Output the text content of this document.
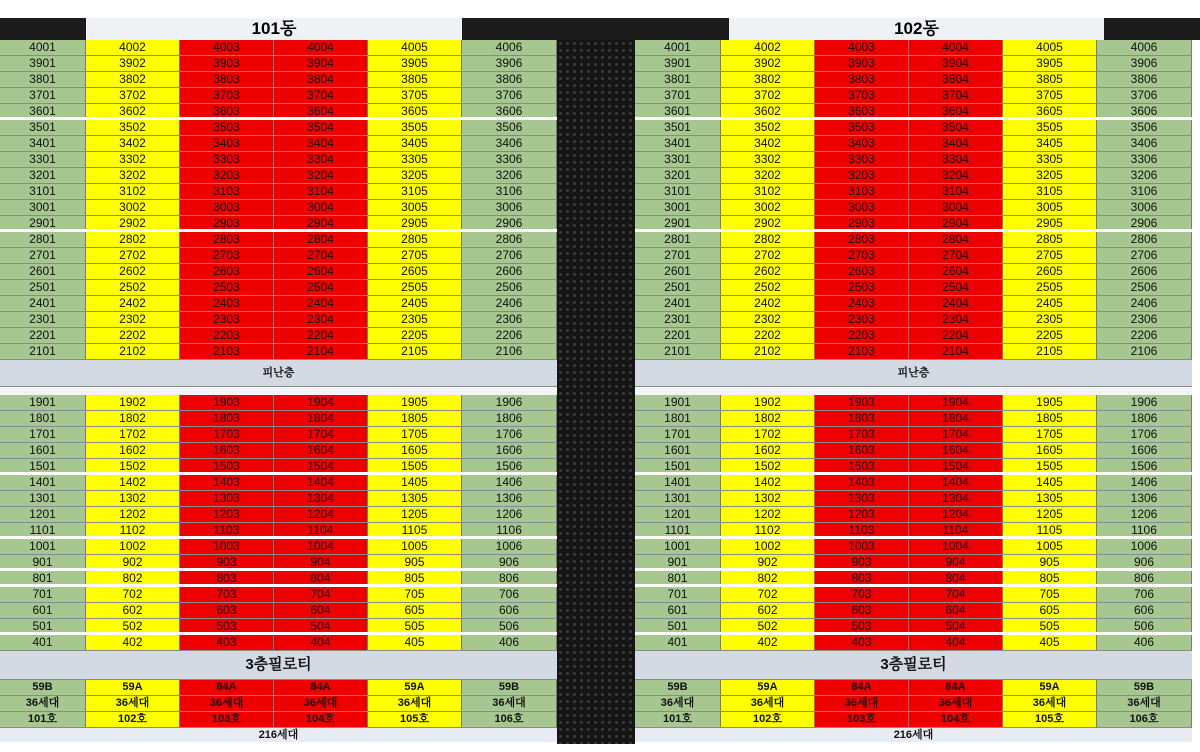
101동
4001	4002	4003	4004	4005	4006
3901	3902	3903	3904	3905	3906
3801	3802	3803	3804	3805	3806
3701	3702	3703	3704	3705	3706
3601	3602	3603	3604	3605	3606
3501	3502	3503	3504	3505	3506
3401	3402	3403	3404	3405	3406
3301	3302	3303	3304	3305	3306
3201	3202	3203	3204	3205	3206
3101	3102	3103	3104	3105	3106
3001	3002	3003	3004	3005	3006
2901	2902	2903	2904	2905	2906
2801	2802	2803	2804	2805	2806
2701	2702	2703	2704	2705	2706
2601	2602	2603	2604	2605	2606
2501	2502	2503	2504	2505	2506
2401	2402	2403	2404	2405	2406
2301	2302	2303	2304	2305	2306
2201	2202	2203	2204	2205	2206
2101	2102	2103	2104	2105	2106
피난층
1901	1902	1903	1904	1905	1906
1801	1802	1803	1804	1805	1806
1701	1702	1703	1704	1705	1706
1601	1602	1603	1604	1605	1606
1501	1502	1503	1504	1505	1506
1401	1402	1403	1404	1405	1406
1301	1302	1303	1304	1305	1306
1201	1202	1203	1204	1205	1206
1101	1102	1103	1104	1105	1106
1001	1002	1003	1004	1005	1006
901	902	903	904	905	906
801	802	803	804	805	806
701	702	703	704	705	706
601	602	603	604	605	606
501	502	503	504	505	506
401	402	403	404	405	406
3층필로티
59B	59A	84A	84A	59A	59B
36세대	36세대	36세대	36세대	36세대	36세대
101호	102호	103호	104호	105호	106호
216세대
102동
4001	4002	4003	4004	4005	4006
3901	3902	3903	3904	3905	3906
3801	3802	3803	3804	3805	3806
3701	3702	3703	3704	3705	3706
3601	3602	3603	3604	3605	3606
3501	3502	3503	3504	3505	3506
3401	3402	3403	3404	3405	3406
3301	3302	3303	3304	3305	3306
3201	3202	3203	3204	3205	3206
3101	3102	3103	3104	3105	3106
3001	3002	3003	3004	3005	3006
2901	2902	2903	2904	2905	2906
2801	2802	2803	2804	2805	2806
2701	2702	2703	2704	2705	2706
2601	2602	2603	2604	2605	2606
2501	2502	2503	2504	2505	2506
2401	2402	2403	2404	2405	2406
2301	2302	2303	2304	2305	2306
2201	2202	2203	2204	2205	2206
2101	2102	2103	2104	2105	2106
피난층
1901	1902	1903	1904	1905	1906
1801	1802	1803	1804	1805	1806
1701	1702	1703	1704	1705	1706
1601	1602	1603	1604	1605	1606
1501	1502	1503	1504	1505	1506
1401	1402	1403	1404	1405	1406
1301	1302	1303	1304	1305	1306
1201	1202	1203	1204	1205	1206
1101	1102	1103	1104	1105	1106
1001	1002	1003	1004	1005	1006
901	902	903	904	905	906
801	802	803	804	805	806
701	702	703	704	705	706
601	602	603	604	605	606
501	502	503	504	505	506
401	402	403	404	405	406
3층필로티
59B	59A	84A	84A	59A	59B
36세대	36세대	36세대	36세대	36세대	36세대
101호	102호	103호	104호	105호	106호
216세대
